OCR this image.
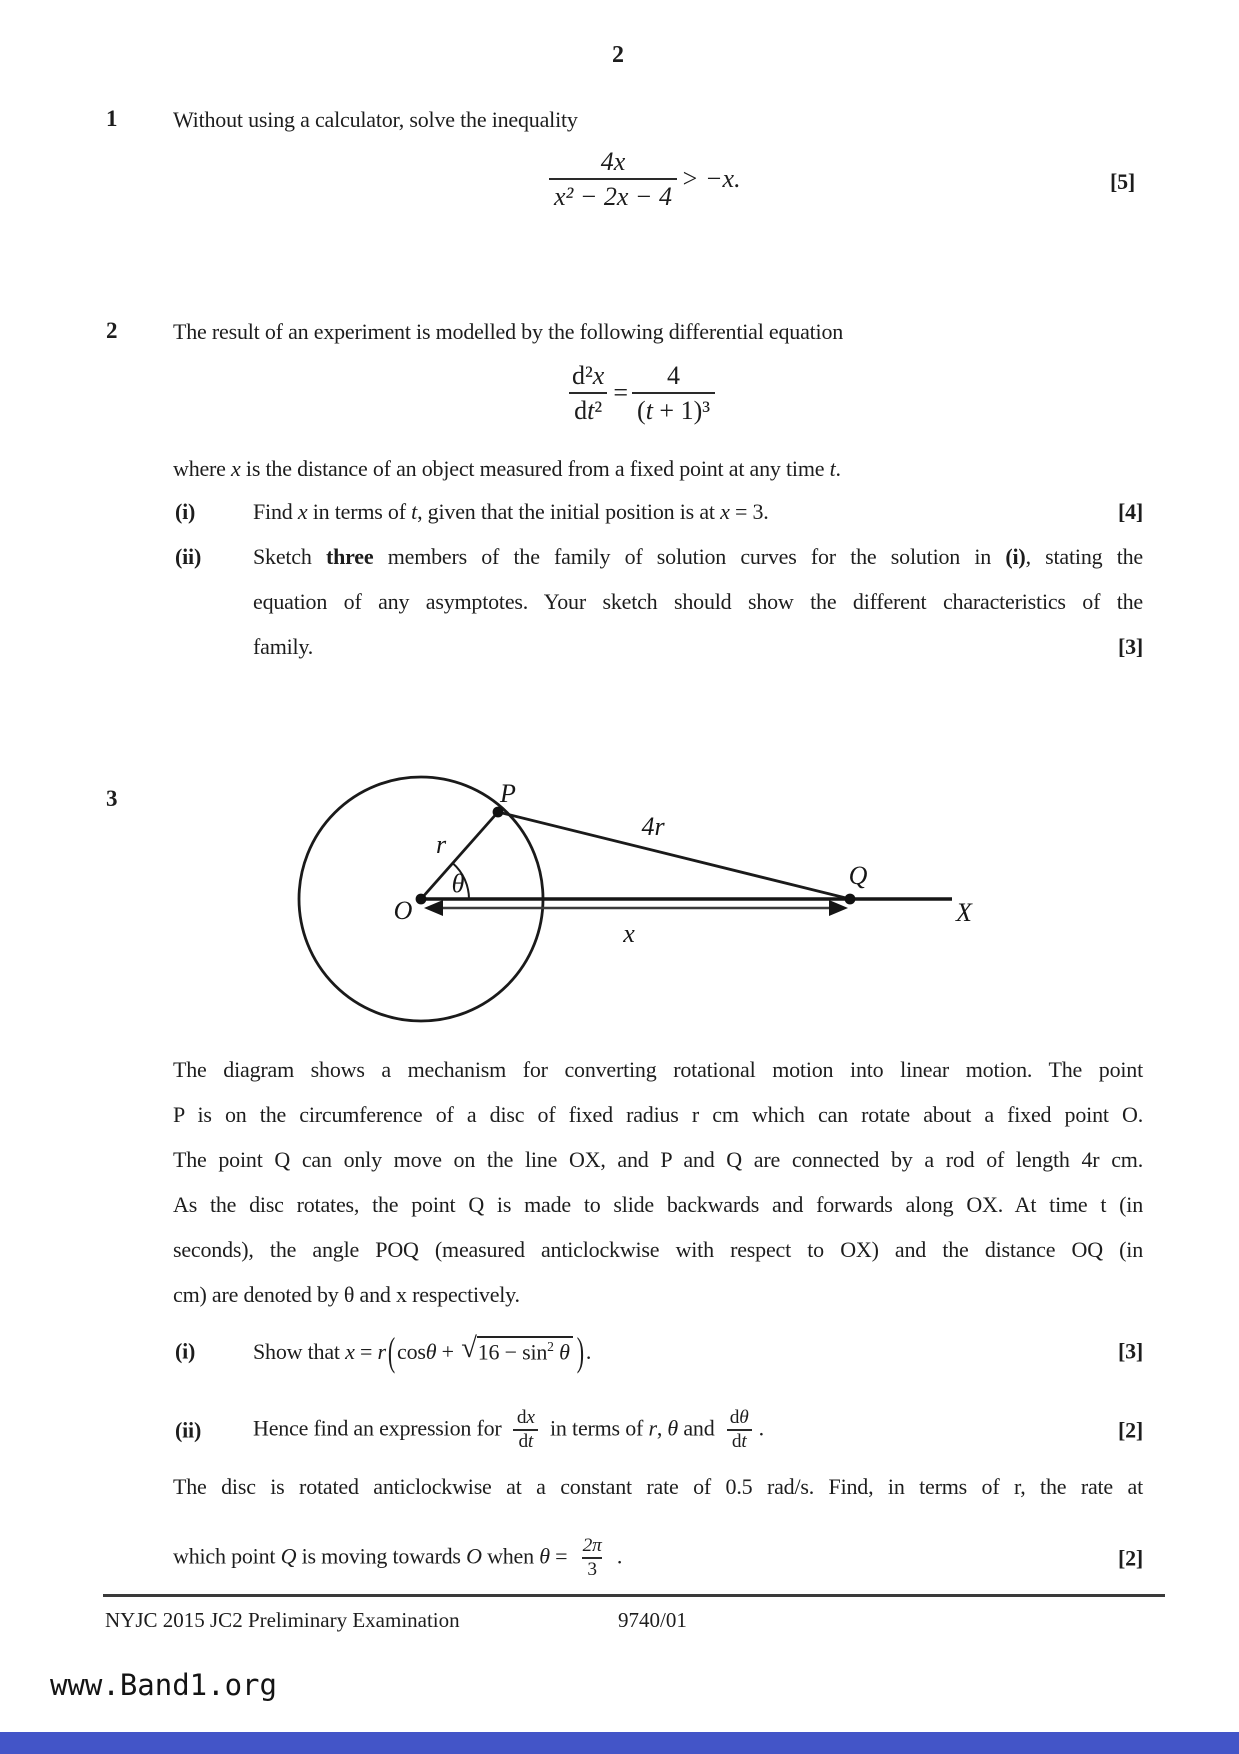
2
1	Without using a calculator, solve the inequality
$\frac{4x}{\text{x² − 2x − 4}} > -x$.	[5]
2	The result of an experiment is modelled by the following differential equation
$\frac{\text{d²x}}{\text{dt²}} = \frac{4}{\text{(t + 1)³}}$
where x is the distance of an object measured from a fixed point at any time t.
(i)	Find x in terms of t, given that the initial position is at x = 3.	[4]
(ii) Sketch three members of the family of solution curves for the solution in (i), stating the
equation of any asymptotes. Your sketch should show the different characteristics of the
family.	[3]
3
O
P
Q
X
r
θ
4r
x
The diagram shows a mechanism for converting rotational motion into linear motion. The point
P is on the circumference of a disc of fixed radius r cm which can rotate about a fixed point O.
The point Q can only move on the line OX, and P and Q are connected by a rod of length 4r cm.
As the disc rotates, the point Q is made to slide backwards and forwards along OX. At time t (in
seconds), the angle POQ (measured anticlockwise with respect to OX) and the distance OQ (in
cm) are denoted by θ and x respectively.
(i)	Show that x = r(cosθ + √ $16 - \sin^2 \theta$ ).	[3]
(ii) Hence find an expression for $\frac{dx}{dt}$ in terms of r, θ and $\frac{d\theta}{dt}$ .	[2]
The disc is rotated anticlockwise at a constant rate of 0.5 rad/s. Find, in terms of r, the rate at
which point Q is moving towards O when $\theta = \frac{2\pi}{3}$ .	[2]
NYJC 2015 JC2 Preliminary Examination	9740/01
www.Band1.org
